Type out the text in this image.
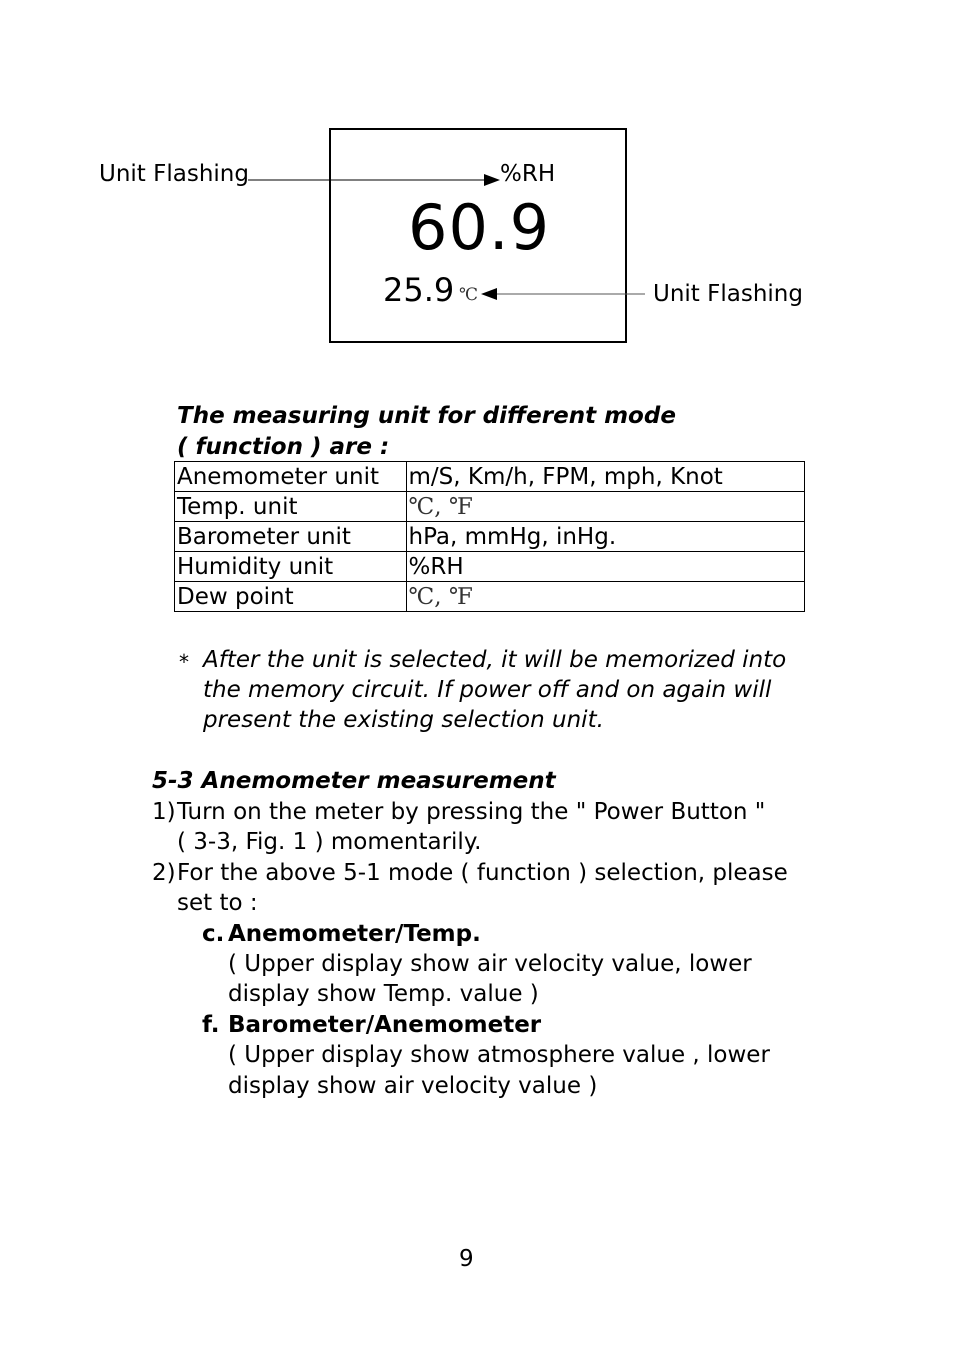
Unit Flashing	%RH
60.9
25.9 ℃	Unit Flashing
The measuring unit for different mode
( function ) are :
Anemometer unit	m/S, Km/h, FPM, mph, Knot
Temp. unit	℃, ℉
Barometer unit	hPa, mmHg, inHg.
Humidity unit	%RH
Dew point	℃, ℉
* After the unit is selected, it will be memorized into
the memory circuit. If power off and on again will
present the existing selection unit.
5-3 Anemometer measurement
1) Turn on the meter by pressing the " Power Button "
( 3-3, Fig. 1 ) momentarily.
2) For the above 5-1 mode ( function ) selection, please
set to :
c. Anemometer/Temp.
( Upper display show air velocity value, lower
display show Temp. value )
f. Barometer/Anemometer
( Upper display show atmosphere value , lower
display show air velocity value )
9
